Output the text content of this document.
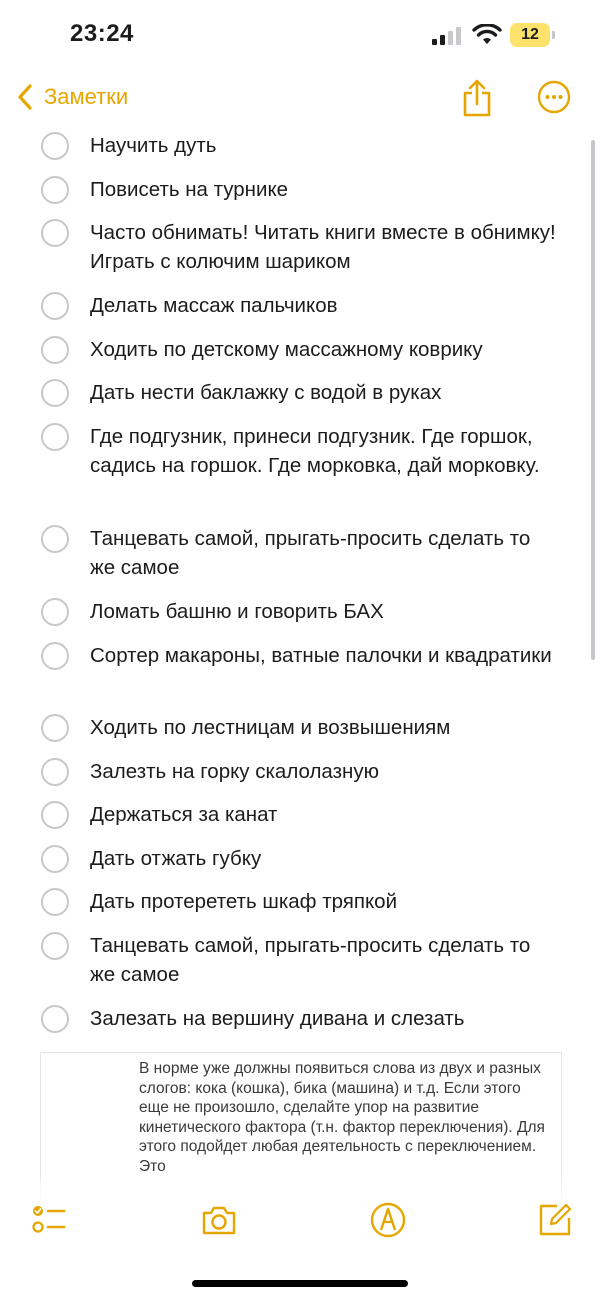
23:24	12
Заметки
Научить дуть
Повисеть на турнике
Часто обнимать! Читать книги вместе в обнимку! Играть с колючим шариком
Делать массаж пальчиков
Ходить по детскому массажному коврику
Дать нести баклажку с водой в руках
Где подгузник, принеси подгузник. Где горшок, садись на горшок. Где морковка, дай морковку.
Танцевать самой, прыгать-просить сделать то же самое
Ломать башню и говорить БАХ
Сортер макароны, ватные палочки и квадратики
Ходить по лестницам и возвышениям
Залезть на горку скалолазную
Держаться за канат
Дать отжать губку
Дать протерететь шкаф тряпкой
Танцевать самой, прыгать-просить сделать то же самое
Залезать на вершину дивана и слезать
В норме уже должны появиться слова из двух и разных слогов: кока (кошка), бика (машина) и т.д. Если этого еще не произошло, сделайте упор на развитие кинетического фактора (т.н. фактор переключения). Для этого подойдет любая деятельность с переключением. Это
